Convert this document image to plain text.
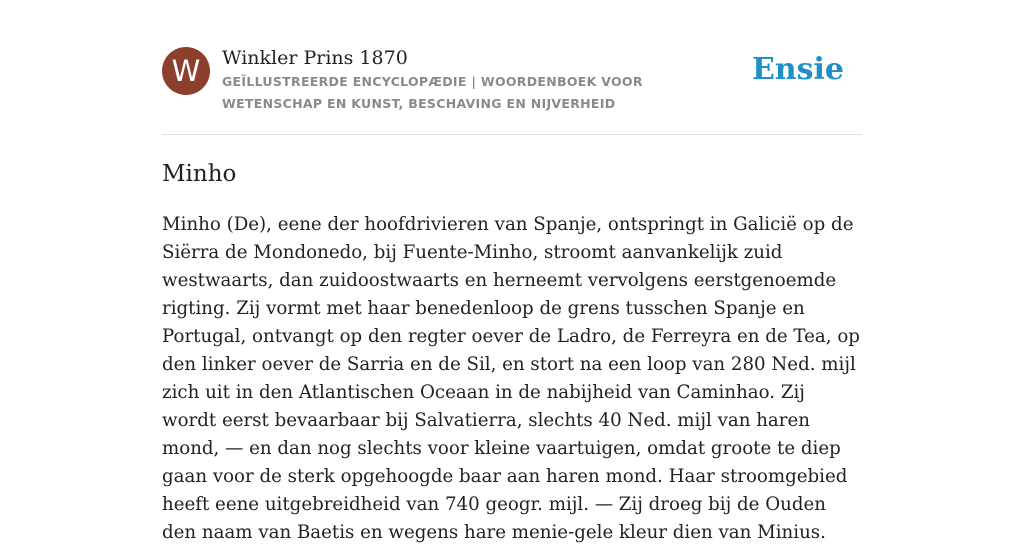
W Winkler Prins 1870
GEÏLLUSTREERDE ENCYCLOPÆDIE | WOORDENBOEK VOOR WETENSCHAP EN KUNST, BESCHAVING EN NIJVERHEID
Ensie
Minho
Minho (De), eene der hoofdrivieren van Spanje, ontspringt in Galicië op de Siërra de Mondonedo, bij Fuente-Minho, stroomt aanvankelijk zuid westwaarts, dan zuidoostwaarts en herneemt vervolgens eerstgenoemde rigting. Zij vormt met haar benedenloop de grens tusschen Spanje en Portugal, ontvangt op den regter oever de Ladro, de Ferreyra en de Tea, op den linker oever de Sarria en de Sil, en stort na een loop van 280 Ned. mijl zich uit in den Atlantischen Oceaan in de nabijheid van Caminhao. Zij wordt eerst bevaarbaar bij Salvatierra, slechts 40 Ned. mijl van haren mond, — en dan nog slechts voor kleine vaartuigen, omdat groote te diep gaan voor de sterk opgehoogde baar aan haren mond. Haar stroomgebied heeft eene uitgebreidheid van 740 geogr. mijl. — Zij droeg bij de Ouden den naam van Baetis en wegens hare menie-gele kleur dien van Minius.
